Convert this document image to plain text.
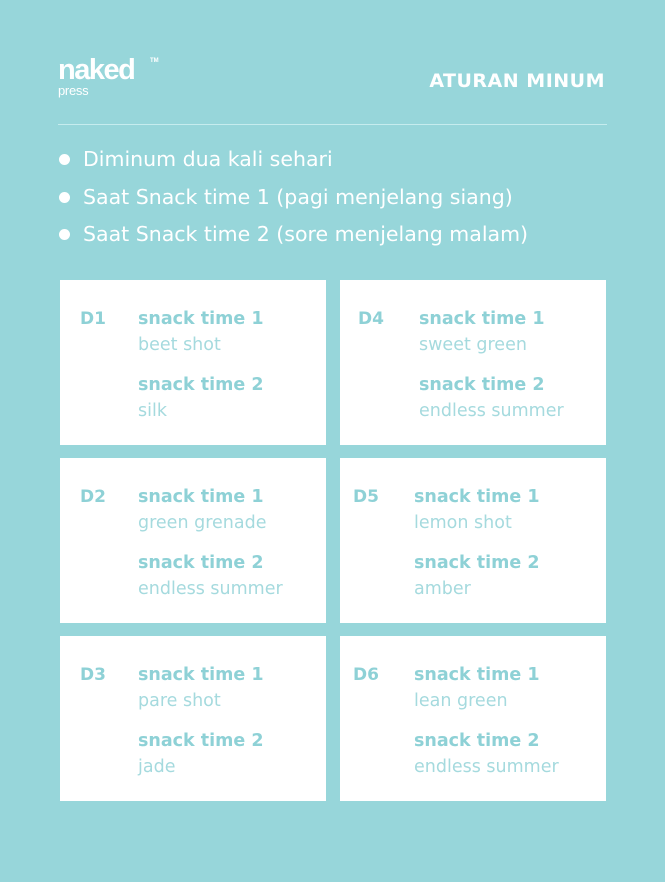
naked	TM
press	ATURAN MINUM
Diminum dua kali sehari
Saat Snack time 1 (pagi menjelang siang)
Saat Snack time 2 (sore menjelang malam)
D1 snack time 1
beet shot
snack time 2
silk
D4 snack time 1
sweet green
snack time 2
endless summer
D2 snack time 1
green grenade
snack time 2
endless summer
D5 snack time 1
lemon shot
snack time 2
amber
D3 snack time 1
pare shot
snack time 2
jade
D6 snack time 1
lean green
snack time 2
endless summer
